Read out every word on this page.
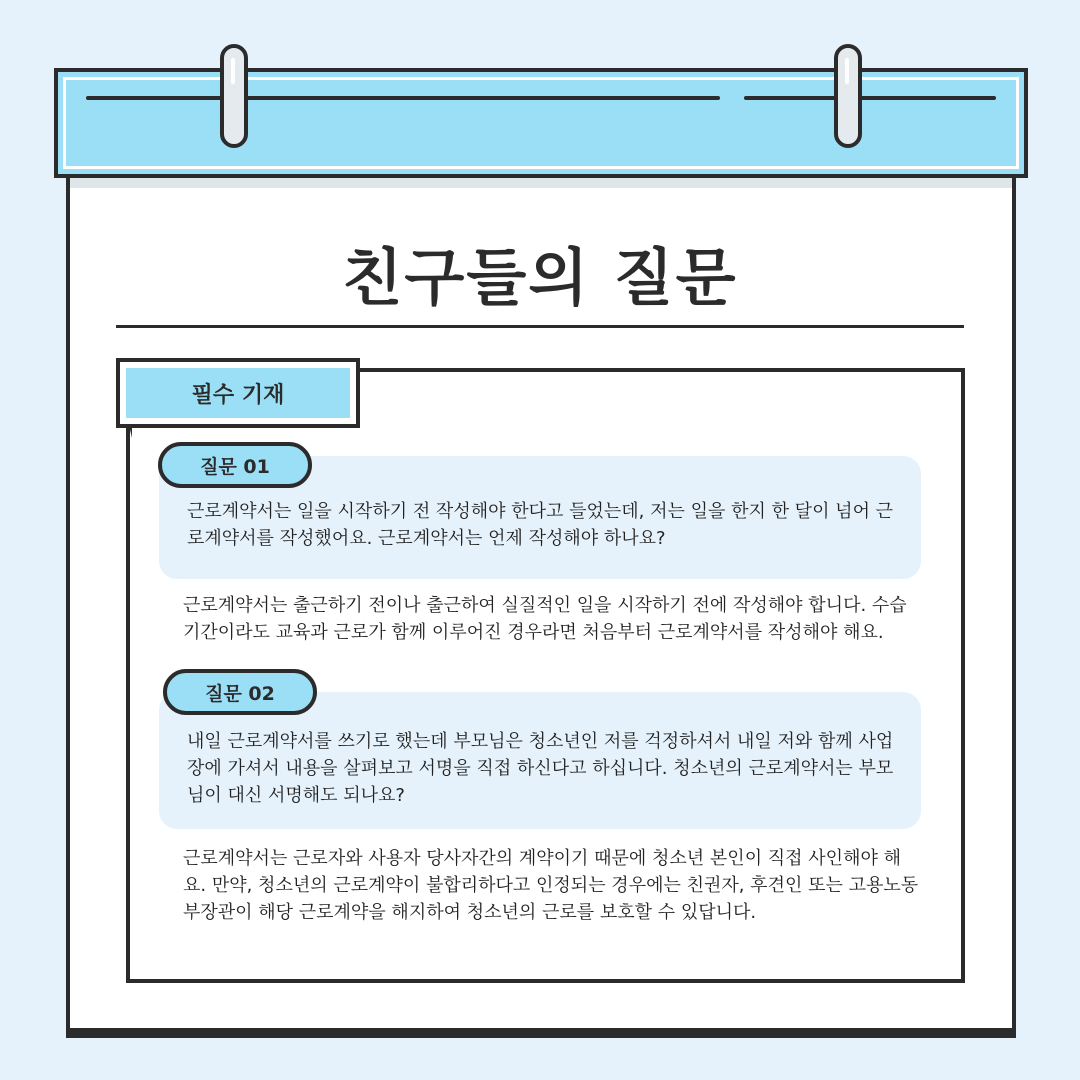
친구들의 질문
필수 기재
근로계약서는 일을 시작하기 전 작성해야 한다고 들었는데, 저는 일을 한지 한 달이 넘어 근로계약서를 작성했어요. 근로계약서는 언제 작성해야 하나요?
질문 01
근로계약서는 출근하기 전이나 출근하여 실질적인 일을 시작하기 전에 작성해야 합니다. 수습 기간이라도 교육과 근로가 함께 이루어진 경우라면 처음부터 근로계약서를 작성해야 해요.
내일 근로계약서를 쓰기로 했는데 부모님은 청소년인 저를 걱정하셔서 내일 저와 함께 사업장에 가셔서 내용을 살펴보고 서명을 직접 하신다고 하십니다. 청소년의 근로계약서는 부모님이 대신 서명해도 되나요?
질문 02
근로계약서는 근로자와 사용자 당사자간의 계약이기 때문에 청소년 본인이 직접 사인해야 해요. 만약, 청소년의 근로계약이 불합리하다고 인정되는 경우에는 친권자, 후견인 또는 고용노동부장관이 해당 근로계약을 해지하여 청소년의 근로를 보호할 수 있답니다.
